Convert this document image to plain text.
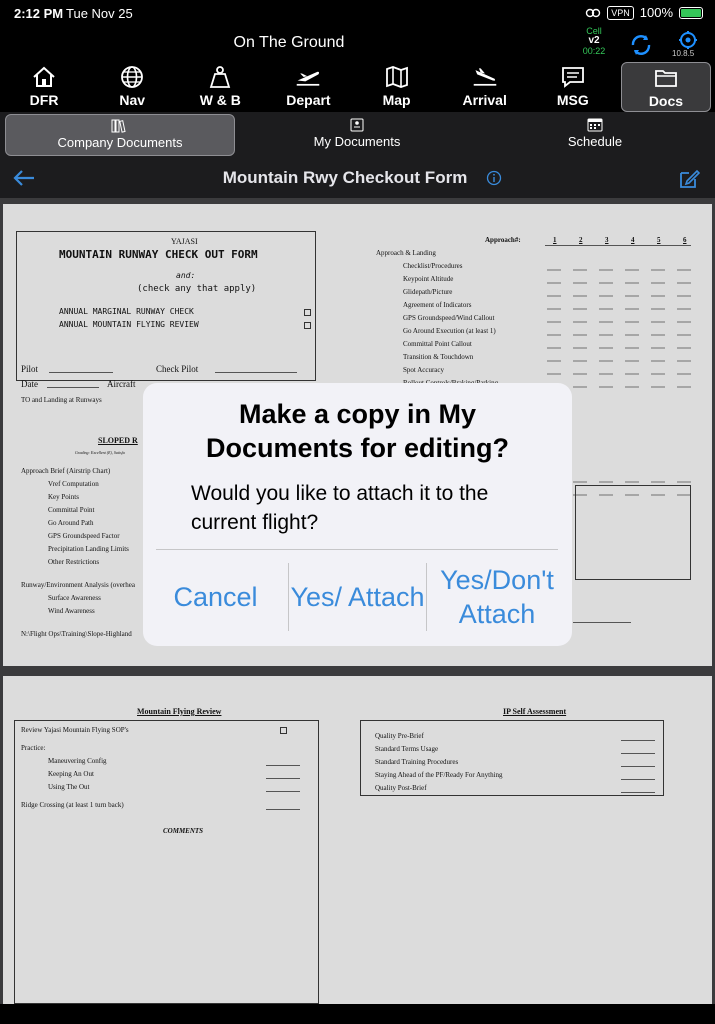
2:12 PM Tue Nov 25	VPN 100%
On The Ground
Cell
v2
00:22	10.8.5
DFR	Nav	W & B	Depart	Map	Arrival	MSG	Docs
Company Documents	My Documents	Schedule
Mountain Rwy Checkout Form
YAJASI
MOUNTAIN RUNWAY CHECK OUT FORM
and:
(check any that apply)
ANNUAL MARGINAL RUNWAY CHECK
ANNUAL MOUNTAIN FLYING REVIEW
Pilot	Check Pilot
Date	Aircraft
TO and Landing at Runways
SLOPED R
Grading: Excellent (E), Satisfa
Approach Brief (Airstrip Chart)
Vref Computation
Key Points
Committal Point
Go Around Path
GPS Groundspeed Factor
Precipitation Landing Limits
Other Restrictions
Runway/Environment Analysis (overhea
Surface Awareness
Wind Awareness
N:\Flight Ops\Training\Slope-Highland
Approach#:	1	2	3	4	5	6
Approach & Landing
Checklist/Procedures
Keypoint Altitude
Glidepath/Picture
Agreement of Indicators
GPS Groundspeed/Wind Callout
Go Around Execution (at least 1)
Committal Point Callout
Transition & Touchdown
Spot Accuracy
Mountain Flying Review
Review Yajasi Mountain Flying SOP's
Practice:
Maneuvering Config
Keeping An Out
Using The Out
Ridge Crossing (at least 1 turn back)
COMMENTS
IP Self Assessment
Quality Pre-Brief
Standard Terms Usage
Standard Training Procedures
Staying Ahead of the PF/Ready For Anything
Quality Post-Brief
Make a copy in My Documents for editing?
Would you like to attach it to the current flight?
Cancel	Yes/ Attach
Yes/Don't Attach
